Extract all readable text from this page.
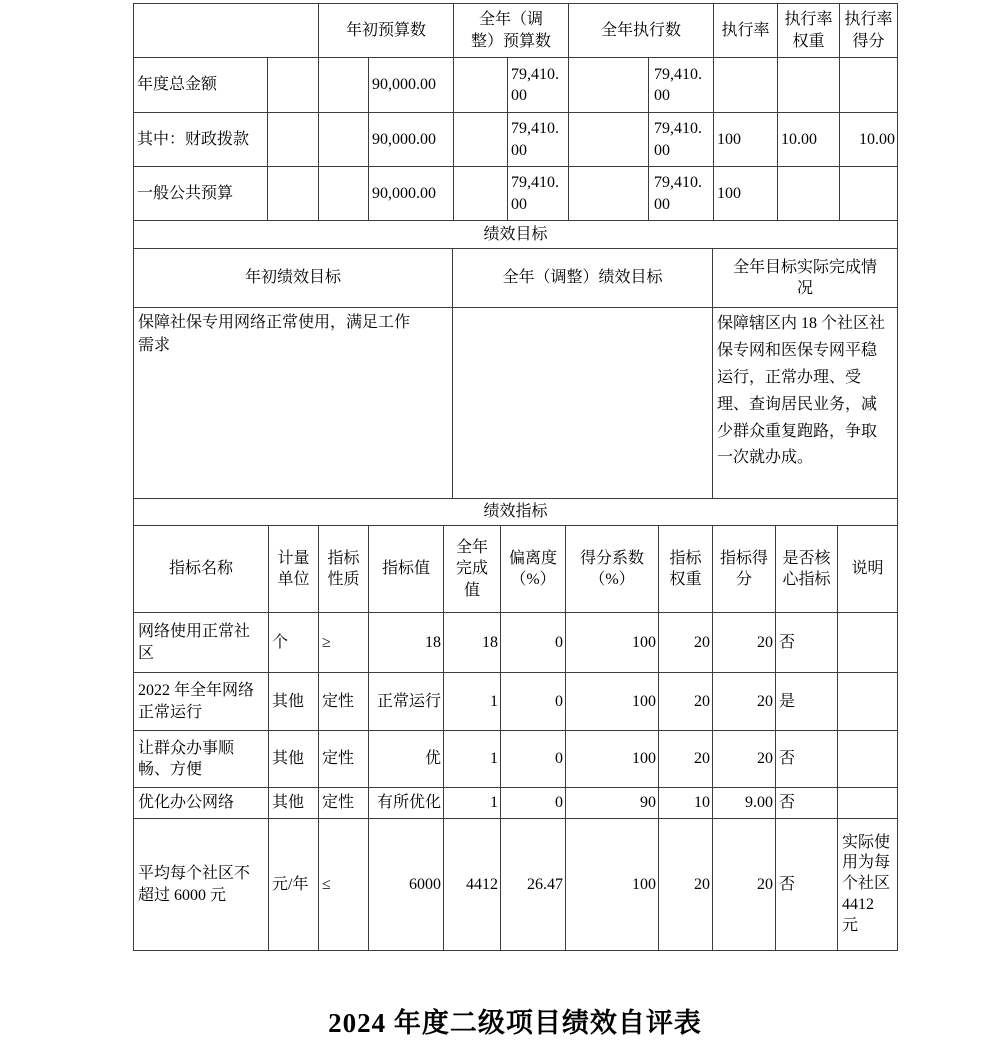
		年初预算数		全年（调整）预算数		全年执行数		执行率	执行率权重	执行率得分
年度总金额			90,000.00		79,410.00		79,410.00			
其中：财政拨款			90,000.00		79,410.00		79,410.00	100	10.00	10.00
一般公共预算			90,000.00		79,410.00		79,410.00	100		
绩效目标		
年初绩效目标	全年（调整）绩效目标	全年目标实际完成情况
保障社保专用网络正常使用，满足工作需求		保障辖区内 18 个社区社保专网和医保专网平稳运行，正常办理、受理、查询居民业务，减少群众重复跑路，争取一次就办成。
绩效指标										
指标名称	计量单位	指标性质	指标值	全年完成值	偏离度（%）	得分系数（%）	指标权重	指标得分	是否核心指标	说明
网络使用正常社区	个	≥	18	18	0	100	20	20	否	
2022 年全年网络正常运行	其他	定性	正常运行	1	0	100	20	20	是	
让群众办事顺畅、方便	其他	定性	优	1	0	100	20	20	否	
优化办公网络	其他	定性	有所优化	1	0	90	10	9.00	否	
平均每个社区不超过 6000 元	元/年	≤	6000	4412	26.47	100	20	20	否	实际使用为每个社区 4412 元
2024 年度二级项目绩效自评表
